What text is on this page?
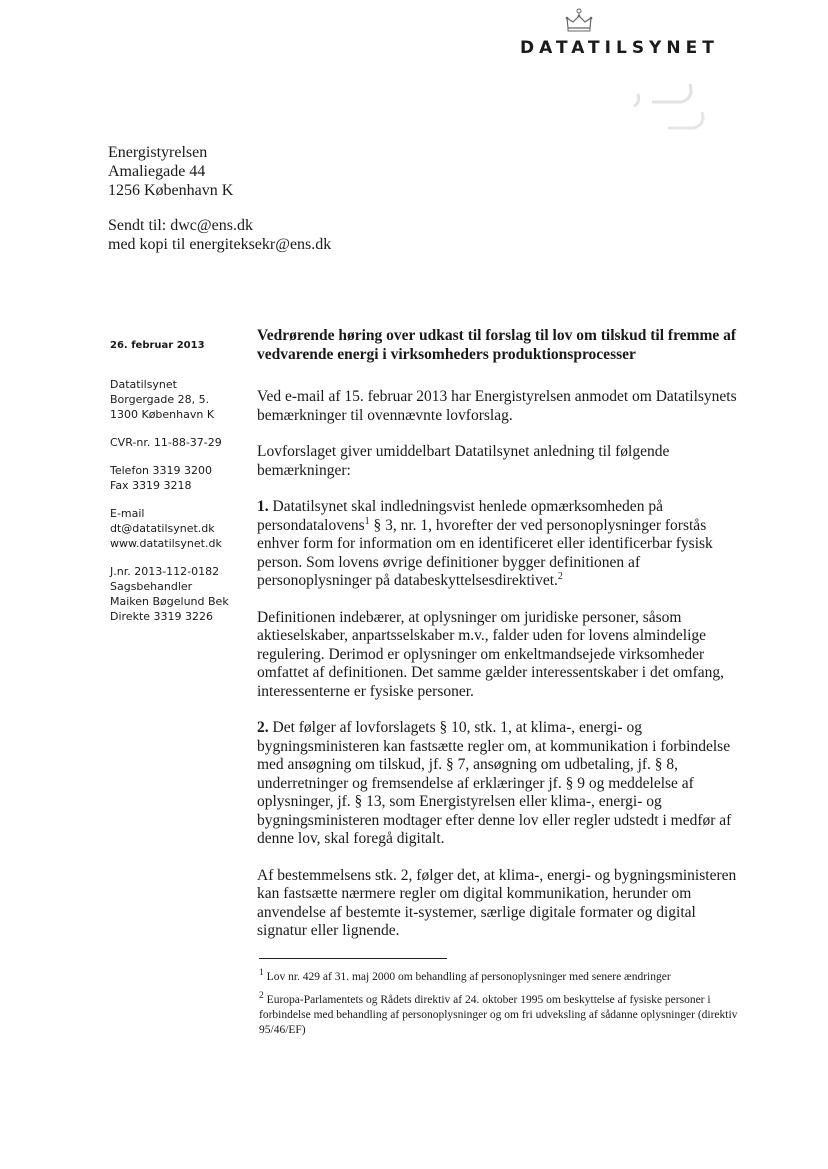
DATATILSYNET
Energistyrelsen
Amaliegade 44
1256 København K
Sendt til: dwc@ens.dk
med kopi til energiteksekr@ens.dk
26. februar 2013
Datatilsynet
Borgergade 28, 5.
1300 København K
CVR-nr. 11-88-37-29
Telefon 3319 3200
Fax 3319 3218
E-mail
dt@datatilsynet.dk
www.datatilsynet.dk
J.nr. 2013-112-0182
Sagsbehandler
Maiken Bøgelund Bek
Direkte 3319 3226

Vedrørende høring over udkast til forslag til lov om tilskud til fremme af vedvarende energi i virksomheders produktionsprocesser

Ved e-mail af 15. februar 2013 har Energistyrelsen anmodet om Datatilsynets bemærkninger til ovennævnte lovforslag.

Lovforslaget giver umiddelbart Datatilsynet anledning til følgende bemærkninger:

1. Datatilsynet skal indledningsvist henlede opmærksomheden på persondatalovens$^1$ § 3, nr. 1, hvorefter der ved personoplysninger forstås enhver form for information om en identificeret eller identificerbar fysisk person. Som lovens øvrige definitioner bygger definitionen af personoplysninger på databeskyttelsesdirektivet.$^2$

Definitionen indebærer, at oplysninger om juridiske personer, såsom aktieselskaber, anpartsselskaber m.v., falder uden for lovens almindelige regulering. Derimod er oplysninger om enkeltmandsejede virksomheder omfattet af definitionen. Det samme gælder interessentskaber i det omfang, interessenterne er fysiske personer.

2. Det følger af lovforslagets § 10, stk. 1, at klima-, energi- og bygningsministeren kan fastsætte regler om, at kommunikation i forbindelse med ansøgning om tilskud, jf. § 7, ansøgning om udbetaling, jf. § 8, underretninger og fremsendelse af erklæringer jf. § 9 og meddelelse af oplysninger, jf. § 13, som Energistyrelsen eller klima-, energi- og bygningsministeren modtager efter denne lov eller regler udstedt i medfør af denne lov, skal foregå digitalt.

Af bestemmelsens stk. 2, følger det, at klima-, energi- og bygningsministeren kan fastsætte nærmere regler om digital kommunikation, herunder om anvendelse af bestemte it-systemer, særlige digitale formater og digital signatur eller lignende.

$^1$ Lov nr. 429 af 31. maj 2000 om behandling af personoplysninger med senere ændringer
$^2$ Europa-Parlamentets og Rådets direktiv af 24. oktober 1995 om beskyttelse af fysiske personer i forbindelse med behandling af personoplysninger og om fri udveksling af sådanne oplysninger (direktiv 95/46/EF)
